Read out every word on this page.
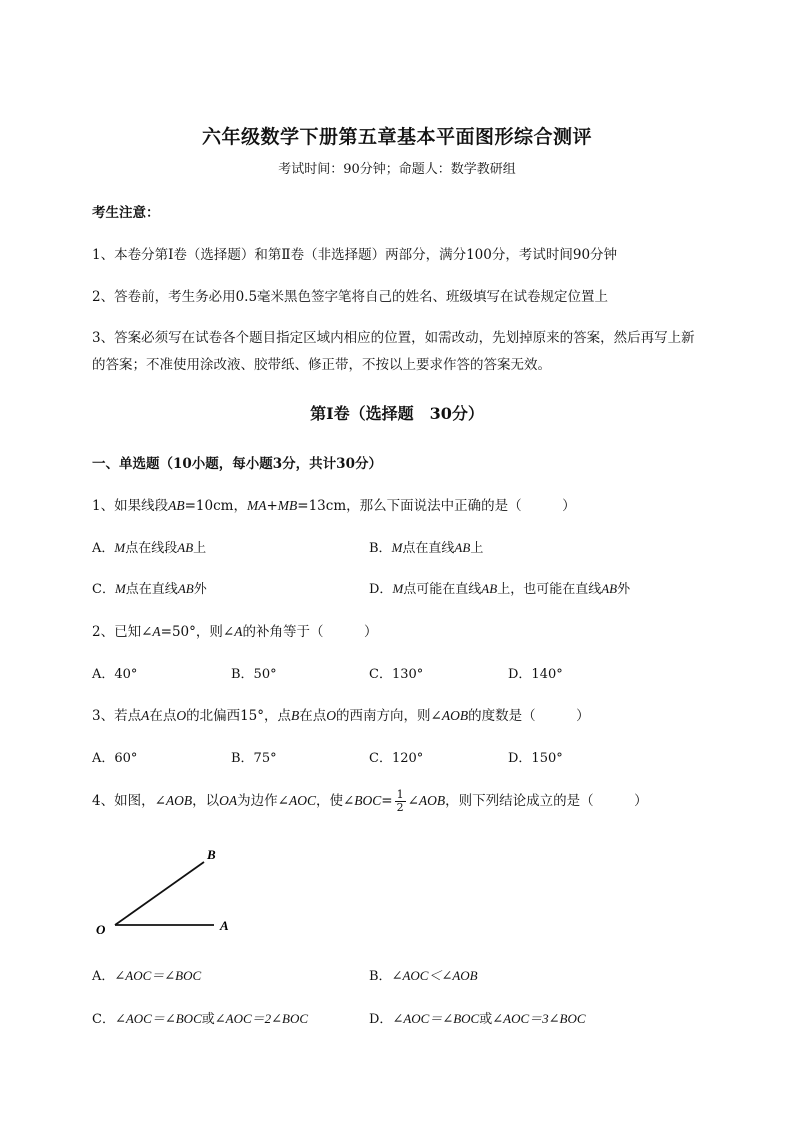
六年级数学下册第五章基本平面图形综合测评
考试时间：90分钟；命题人：数学教研组
考生注意：
1、本卷分第I卷（选择题）和第Ⅱ卷（非选择题）两部分，满分100分，考试时间90分钟
2、答卷前，考生务必用0.5毫米黑色签字笔将自己的姓名、班级填写在试卷规定位置上
3、答案必须写在试卷各个题目指定区域内相应的位置，如需改动，先划掉原来的答案，然后再写上新
的答案；不准使用涂改液、胶带纸、修正带，不按以上要求作答的答案无效。
第I卷（选择题　30分）
一、单选题（10小题，每小题3分，共计30分）
1、如果线段AB=10cm，MA+MB=13cm，那么下面说法中正确的是（　　　）
A．M点在线段AB上	B．M点在直线AB上
C．M点在直线AB外	D．M点可能在直线AB上，也可能在直线AB外
2、已知∠A=50°，则∠A的补角等于（　　　）
A．40°	B．50°	C．130°	D．140°
3、若点A在点O的北偏西15°，点B在点O的西南方向，则∠AOB的度数是（　　　）
A．60°	B．75°	C．120°	D．150°
4、如图，∠AOB，以OA为边作∠AOC，使∠BOC= $\frac{1}{2}$ ∠AOB，则下列结论成立的是（　　　）
O	A
B
A．∠AOC＝∠BOC	B．∠AOC＜∠AOB
C．∠AOC＝∠BOC或∠AOC＝2∠BOC	D．∠AOC＝∠BOC或∠AOC＝3∠BOC
